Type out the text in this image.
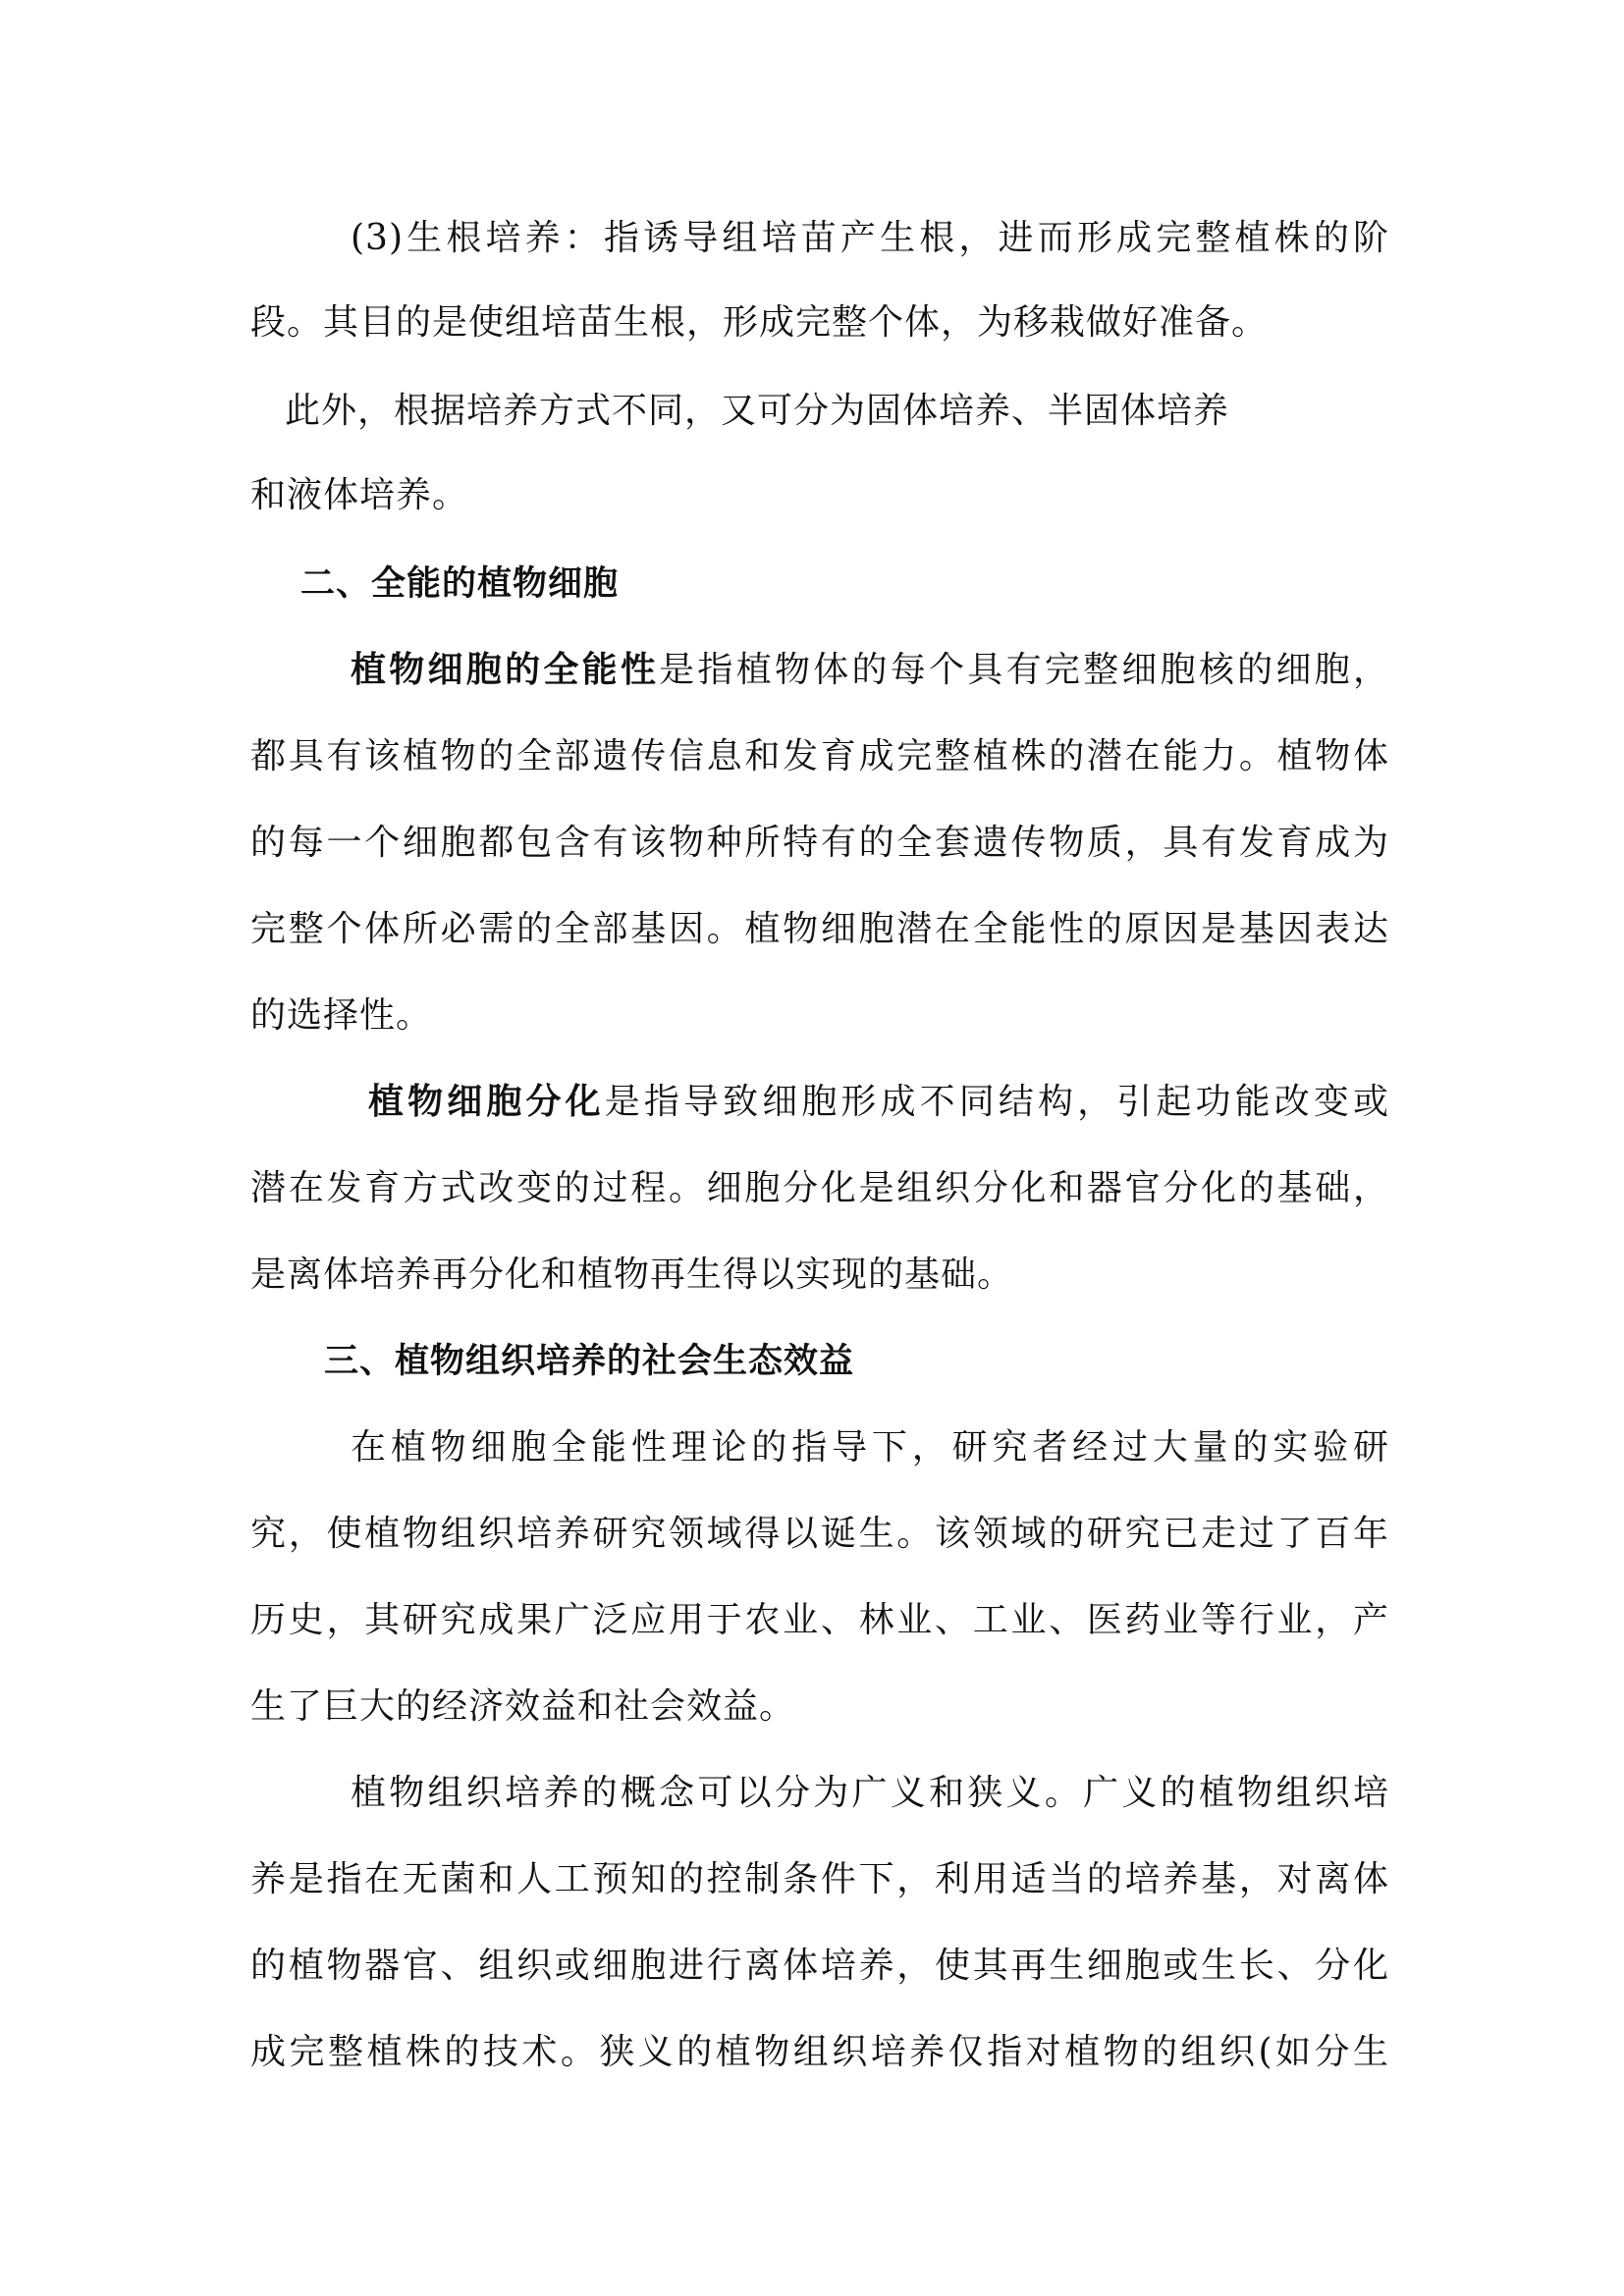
(3)生根培养：指诱导组培苗产生根，进而形成完整植株的阶
段。其目的是使组培苗生根，形成完整个体，为移栽做好准备。
此外，根据培养方式不同，又可分为固体培养、半固体培养
和液体培养。
二、全能的植物细胞
植物细胞的全能性是指植物体的每个具有完整细胞核的细胞，
都具有该植物的全部遗传信息和发育成完整植株的潜在能力。植物体
的每一个细胞都包含有该物种所特有的全套遗传物质，具有发育成为
完整个体所必需的全部基因。植物细胞潜在全能性的原因是基因表达
的选择性。
植物细胞分化是指导致细胞形成不同结构，引起功能改变或
潜在发育方式改变的过程。细胞分化是组织分化和器官分化的基础，
是离体培养再分化和植物再生得以实现的基础。
三、植物组织培养的社会生态效益
在植物细胞全能性理论的指导下，研究者经过大量的实验研
究，使植物组织培养研究领域得以诞生。该领域的研究已走过了百年
历史，其研究成果广泛应用于农业、林业、工业、医药业等行业，产
生了巨大的经济效益和社会效益。
植物组织培养的概念可以分为广义和狭义。广义的植物组织培
养是指在无菌和人工预知的控制条件下，利用适当的培养基，对离体
的植物器官、组织或细胞进行离体培养，使其再生细胞或生长、分化
成完整植株的技术。狭义的植物组织培养仅指对植物的组织(如分生
